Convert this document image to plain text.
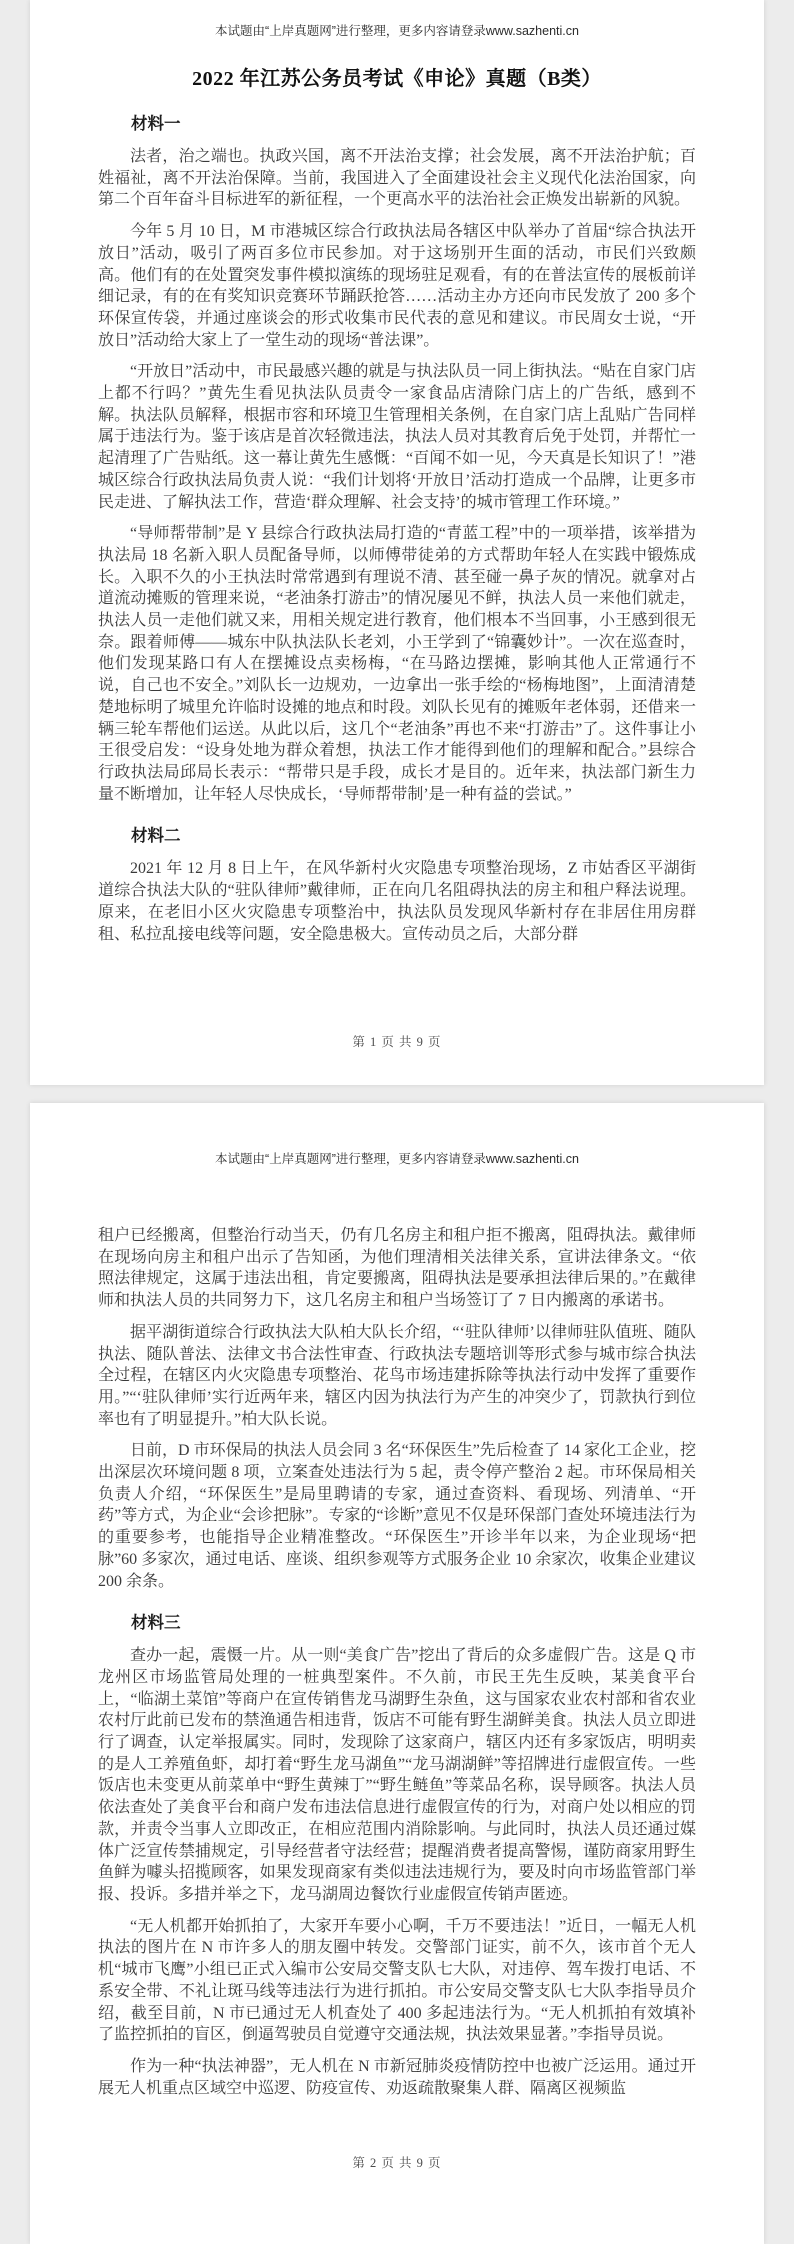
本试题由“上岸真题网”进行整理，更多内容请登录www.sazhenti.cn
2022 年江苏公务员考试《申论》真题（B类）
材料一

法者，治之端也。执政兴国，离不开法治支撑；社会发展，离不开法治护航；百姓福祉，离不开法治保障。当前，我国进入了全面建设社会主义现代化法治国家，向第二个百年奋斗目标进军的新征程，一个更高水平的法治社会正焕发出崭新的风貌。

今年 5 月 10 日，M 市港城区综合行政执法局各辖区中队举办了首届“综合执法开放日”活动，吸引了两百多位市民参加。对于这场别开生面的活动，市民们兴致颇高。他们有的在处置突发事件模拟演练的现场驻足观看，有的在普法宣传的展板前详细记录，有的在有奖知识竞赛环节踊跃抢答……活动主办方还向市民发放了 200 多个环保宣传袋，并通过座谈会的形式收集市民代表的意见和建议。市民周女士说，“开放日”活动给大家上了一堂生动的现场“普法课”。

“开放日”活动中，市民最感兴趣的就是与执法队员一同上街执法。“贴在自家门店上都不行吗？”黄先生看见执法队员责令一家食品店清除门店上的广告纸，感到不解。执法队员解释，根据市容和环境卫生管理相关条例，在自家门店上乱贴广告同样属于违法行为。鉴于该店是首次轻微违法，执法人员对其教育后免于处罚，并帮忙一起清理了广告贴纸。这一幕让黄先生感慨：“百闻不如一见，今天真是长知识了！”港城区综合行政执法局负责人说：“我们计划将‘开放日’活动打造成一个品牌，让更多市民走进、了解执法工作，营造‘群众理解、社会支持’的城市管理工作环境。”

“导师帮带制”是 Y 县综合行政执法局打造的“青蓝工程”中的一项举措，该举措为执法局 18 名新入职人员配备导师，以师傅带徒弟的方式帮助年轻人在实践中锻炼成长。入职不久的小王执法时常常遇到有理说不清、甚至碰一鼻子灰的情况。就拿对占道流动摊贩的管理来说，“老油条打游击”的情况屡见不鲜，执法人员一来他们就走，执法人员一走他们就又来，用相关规定进行教育，他们根本不当回事，小王感到很无奈。跟着师傅——城东中队执法队长老刘，小王学到了“锦囊妙计”。一次在巡查时，他们发现某路口有人在摆摊设点卖杨梅，“在马路边摆摊，影响其他人正常通行不说，自己也不安全。”刘队长一边规劝，一边拿出一张手绘的“杨梅地图”，上面清清楚楚地标明了城里允许临时设摊的地点和时段。刘队长见有的摊贩年老体弱，还借来一辆三轮车帮他们运送。从此以后，这几个“老油条”再也不来“打游击”了。这件事让小王很受启发：“设身处地为群众着想，执法工作才能得到他们的理解和配合。”县综合行政执法局邱局长表示：“帮带只是手段，成长才是目的。近年来，执法部门新生力量不断增加，让年轻人尽快成长，‘导师帮带制’是一种有益的尝试。”

材料二

2021 年 12 月 8 日上午，在风华新村火灾隐患专项整治现场，Z 市姑香区平湖街道综合执法大队的“驻队律师”戴律师，正在向几名阻碍执法的房主和租户释法说理。原来，在老旧小区火灾隐患专项整治中，执法队员发现风华新村存在非居住用房群租、私拉乱接电线等问题，安全隐患极大。宣传动员之后，大部分群

第 1 页 共 9 页
本试题由“上岸真题网”进行整理，更多内容请登录www.sazhenti.cn

租户已经搬离，但整治行动当天，仍有几名房主和租户拒不搬离，阻碍执法。戴律师在现场向房主和租户出示了告知函，为他们理清相关法律关系，宣讲法律条文。“依照法律规定，这属于违法出租，肯定要搬离，阻碍执法是要承担法律后果的。”在戴律师和执法人员的共同努力下，这几名房主和租户当场签订了 7 日内搬离的承诺书。

据平湖街道综合行政执法大队柏大队长介绍，“‘驻队律师’以律师驻队值班、随队执法、随队普法、法律文书合法性审查、行政执法专题培训等形式参与城市综合执法全过程，在辖区内火灾隐患专项整治、花鸟市场违建拆除等执法行动中发挥了重要作用。”“‘驻队律师’实行近两年来，辖区内因为执法行为产生的冲突少了，罚款执行到位率也有了明显提升。”柏大队长说。

日前，D 市环保局的执法人员会同 3 名“环保医生”先后检查了 14 家化工企业，挖出深层次环境问题 8 项，立案查处违法行为 5 起，责令停产整治 2 起。市环保局相关负责人介绍，“环保医生”是局里聘请的专家，通过查资料、看现场、列清单、“开药”等方式，为企业“会诊把脉”。专家的“诊断”意见不仅是环保部门查处环境违法行为的重要参考，也能指导企业精准整改。“环保医生”开诊半年以来，为企业现场“把脉”60 多家次，通过电话、座谈、组织参观等方式服务企业 10 余家次，收集企业建议 200 余条。

材料三

查办一起，震慑一片。从一则“美食广告”挖出了背后的众多虚假广告。这是 Q 市龙州区市场监管局处理的一桩典型案件。不久前，市民王先生反映，某美食平台上，“临湖土菜馆”等商户在宣传销售龙马湖野生杂鱼，这与国家农业农村部和省农业农村厅此前已发布的禁渔通告相违背，饭店不可能有野生湖鲜美食。执法人员立即进行了调查，认定举报属实。同时，发现除了这家商户，辖区内还有多家饭店，明明卖的是人工养殖鱼虾，却打着“野生龙马湖鱼”“龙马湖湖鲜”等招牌进行虚假宣传。一些饭店也未变更从前菜单中“野生黄辣丁”“野生鲢鱼”等菜品名称，误导顾客。执法人员依法查处了美食平台和商户发布违法信息进行虚假宣传的行为，对商户处以相应的罚款，并责令当事人立即改正，在相应范围内消除影响。与此同时，执法人员还通过媒体广泛宣传禁捕规定，引导经营者守法经营；提醒消费者提高警惕，谨防商家用野生鱼鲜为噱头招揽顾客，如果发现商家有类似违法违规行为，要及时向市场监管部门举报、投诉。多措并举之下，龙马湖周边餐饮行业虚假宣传销声匿迹。

“无人机都开始抓拍了，大家开车要小心啊，千万不要违法！”近日，一幅无人机执法的图片在 N 市许多人的朋友圈中转发。交警部门证实，前不久，该市首个无人机“城市飞鹰”小组已正式入编市公安局交警支队七大队，对违停、驾车拨打电话、不系安全带、不礼让斑马线等违法行为进行抓拍。市公安局交警支队七大队李指导员介绍，截至目前，N 市已通过无人机查处了 400 多起违法行为。“无人机抓拍有效填补了监控抓拍的盲区，倒逼驾驶员自觉遵守交通法规，执法效果显著。”李指导员说。

作为一种“执法神器”，无人机在 N 市新冠肺炎疫情防控中也被广泛运用。通过开展无人机重点区域空中巡逻、防疫宣传、劝返疏散聚集人群、隔离区视频监

第 2 页 共 9 页
